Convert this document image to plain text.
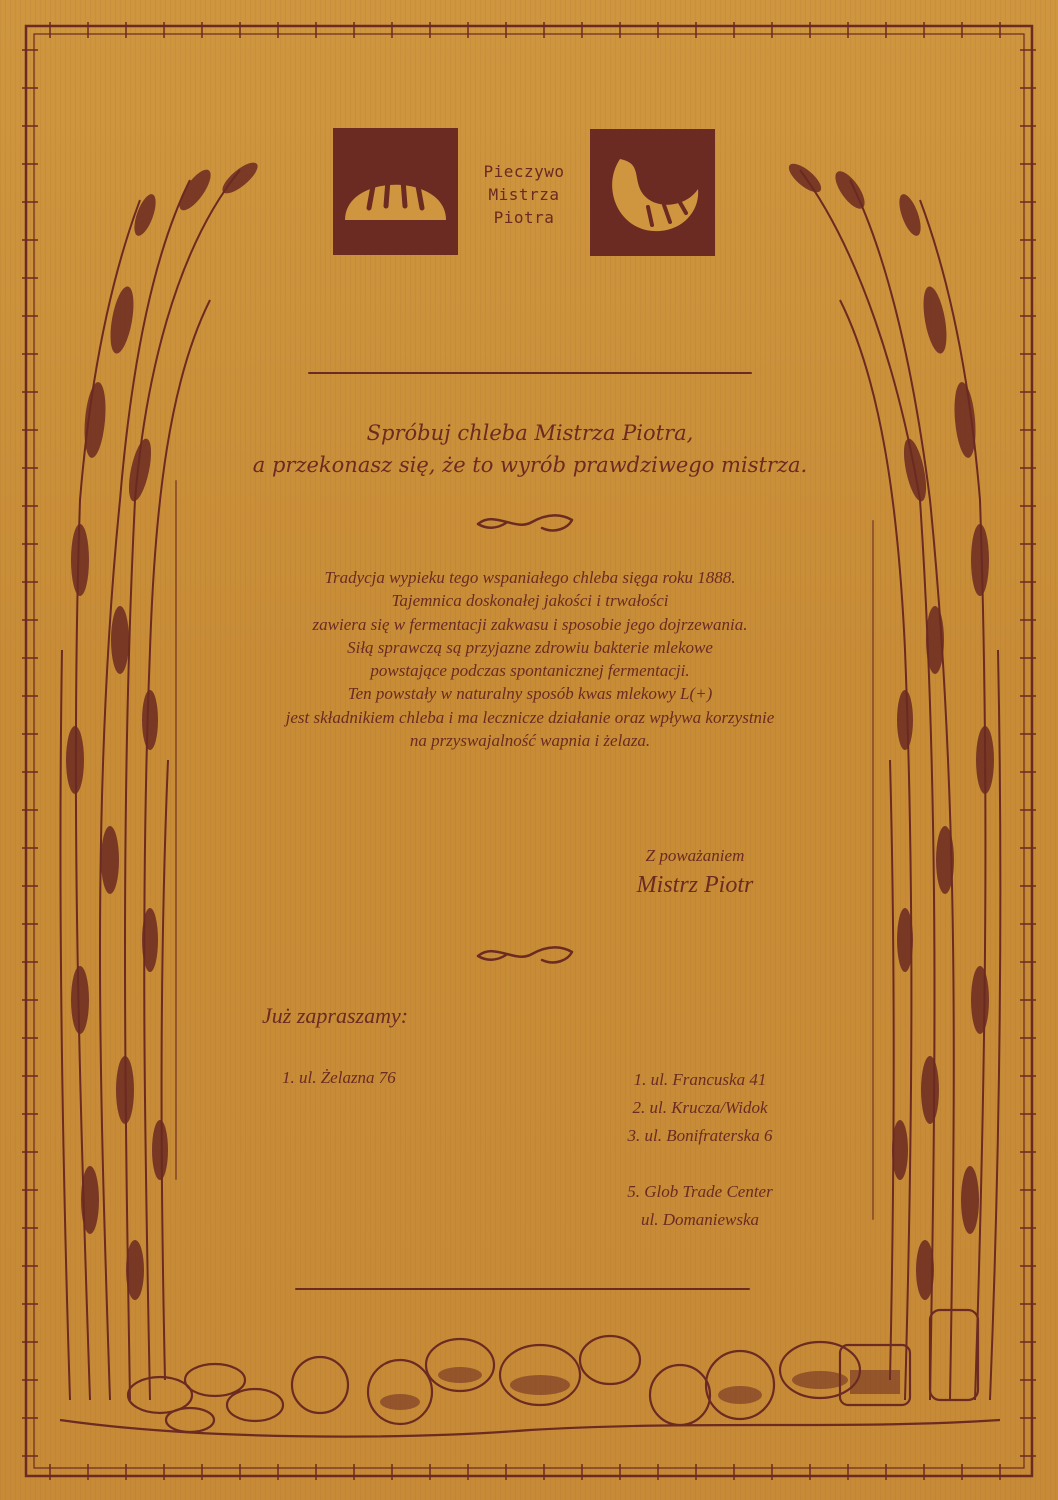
Pieczywo
Mistrza
Piotra
Spróbuj chleba Mistrza Piotra,
a przekonasz się, że to wyrób prawdziwego mistrza.
Tradycja wypieku tego wspaniałego chleba sięga roku 1888.
Tajemnica doskonałej jakości i trwałości
zawiera się w fermentacji zakwasu i sposobie jego dojrzewania.
Siłą sprawczą są przyjazne zdrowiu bakterie mlekowe
powstające podczas spontanicznej fermentacji.
Ten powstały w naturalny sposób kwas mlekowy L(+)
jest składnikiem chleba i ma lecznicze działanie oraz wpływa korzystnie
na przyswajalność wapnia i żelaza.
Z poważaniem
Mistrz Piotr
Już zapraszamy:
1. ul. Żelazna 76	1. ul. Francuska 41
2. ul. Krucza/Widok
3. ul. Bonifraterska 6
5. Glob Trade Center
ul. Domaniewska
